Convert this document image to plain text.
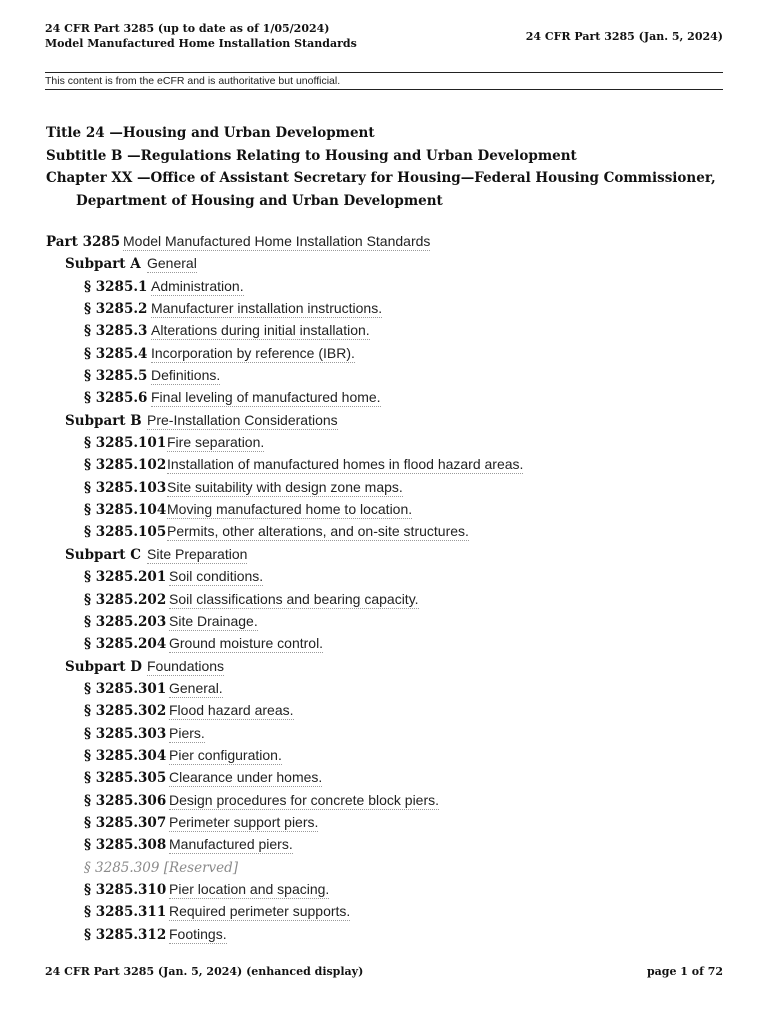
24 CFR Part 3285 (up to date as of 1/05/2024)
Model Manufactured Home Installation Standards
24 CFR Part 3285 (Jan. 5, 2024)
This content is from the eCFR and is authoritative but unofficial.
Title 24 —Housing and Urban Development
Subtitle B —Regulations Relating to Housing and Urban Development
Chapter XX —Office of Assistant Secretary for Housing—Federal Housing Commissioner,
Department of Housing and Urban Development
Part 3285 Model Manufactured Home Installation Standards
Subpart A General
§ 3285.1 Administration.
§ 3285.2 Manufacturer installation instructions.
§ 3285.3 Alterations during initial installation.
§ 3285.4 Incorporation by reference (IBR).
§ 3285.5 Definitions.
§ 3285.6 Final leveling of manufactured home.
Subpart B Pre-Installation Considerations
§ 3285.101Fire separation.
§ 3285.102Installation of manufactured homes in flood hazard areas.
§ 3285.103Site suitability with design zone maps.
§ 3285.104Moving manufactured home to location.
§ 3285.105Permits, other alterations, and on-site structures.
Subpart C Site Preparation
§ 3285.201 Soil conditions.
§ 3285.202 Soil classifications and bearing capacity.
§ 3285.203 Site Drainage.
§ 3285.204 Ground moisture control.
Subpart D Foundations
§ 3285.301 General.
§ 3285.302 Flood hazard areas.
§ 3285.303 Piers.
§ 3285.304 Pier configuration.
§ 3285.305 Clearance under homes.
§ 3285.306 Design procedures for concrete block piers.
§ 3285.307 Perimeter support piers.
§ 3285.308 Manufactured piers.
§ 3285.309 [Reserved]
§ 3285.310 Pier location and spacing.
§ 3285.311 Required perimeter supports.
§ 3285.312 Footings.
24 CFR Part 3285 (Jan. 5, 2024) (enhanced display)	page 1 of 72
